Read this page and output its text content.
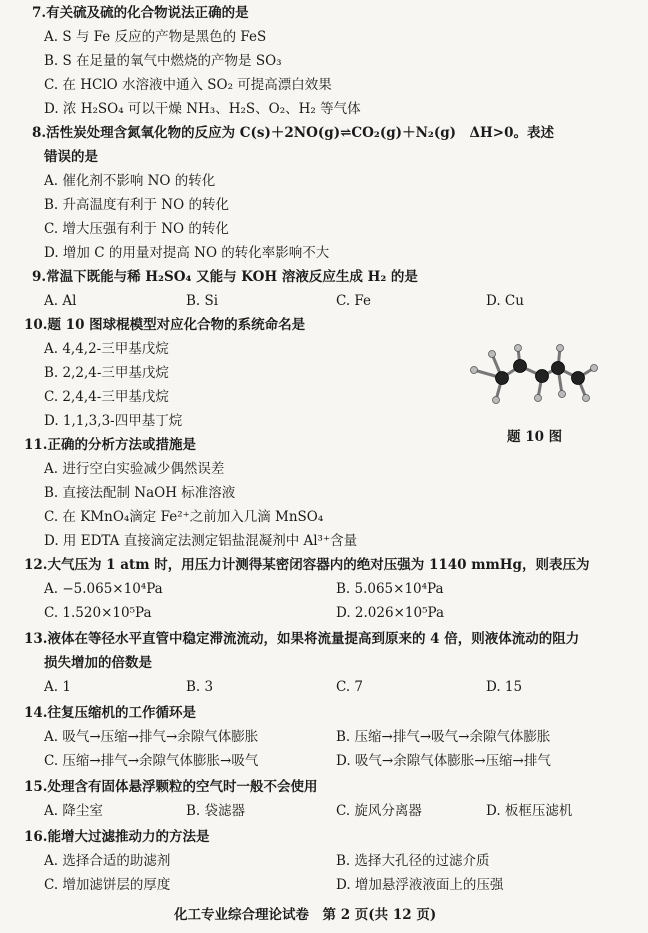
7.有关硫及硫的化合物说法正确的是
A. S 与 Fe 反应的产物是黑色的 FeS
B. S 在足量的氧气中燃烧的产物是 SO₃
C. 在 HClO 水溶液中通入 SO₂ 可提高漂白效果
D. 浓 H₂SO₄ 可以干燥 NH₃、H₂S、O₂、H₂ 等气体
8.活性炭处理含氮氧化物的反应为 C(s)＋2NO(g)⇌CO₂(g)＋N₂(g)　ΔH>0。表述
错误的是
A. 催化剂不影响 NO 的转化
B. 升高温度有利于 NO 的转化
C. 增大压强有利于 NO 的转化
D. 增加 C 的用量对提高 NO 的转化率影响不大
9.常温下既能与稀 H₂SO₄ 又能与 KOH 溶液反应生成 H₂ 的是
A. Al	B. Si	C. Fe	D. Cu
10.题 10 图球棍模型对应化合物的系统命名是
A. 4,4,2-三甲基戊烷
B. 2,2,4-三甲基戊烷
C. 2,4,4-三甲基戊烷
D. 1,1,3,3-四甲基丁烷
题 10 图
11.正确的分析方法或措施是
A. 进行空白实验减少偶然误差
B. 直接法配制 NaOH 标准溶液
C. 在 KMnO₄滴定 Fe²⁺之前加入几滴 MnSO₄
D. 用 EDTA 直接滴定法测定铝盐混凝剂中 Al³⁺含量
12.大气压为 1 atm 时，用压力计测得某密闭容器内的绝对压强为 1140 mmHg，则表压为
A. −5.065×10⁴Pa	B. 5.065×10⁴Pa
C. 1.520×10⁵Pa	D. 2.026×10⁵Pa
13.液体在等径水平直管中稳定滞流流动，如果将流量提高到原来的 4 倍，则液体流动的阻力
损失增加的倍数是
A. 1	B. 3	C. 7	D. 15
14.往复压缩机的工作循环是
A. 吸气→压缩→排气→余隙气体膨胀	B. 压缩→排气→吸气→余隙气体膨胀
C. 压缩→排气→余隙气体膨胀→吸气	D. 吸气→余隙气体膨胀→压缩→排气
15.处理含有固体悬浮颗粒的空气时一般不会使用
A. 降尘室	B. 袋滤器	C. 旋风分离器	D. 板框压滤机
16.能增大过滤推动力的方法是
A. 选择合适的助滤剂	B. 选择大孔径的过滤介质
C. 增加滤饼层的厚度	D. 增加悬浮液液面上的压强
化工专业综合理论试卷　第 2 页(共 12 页)
